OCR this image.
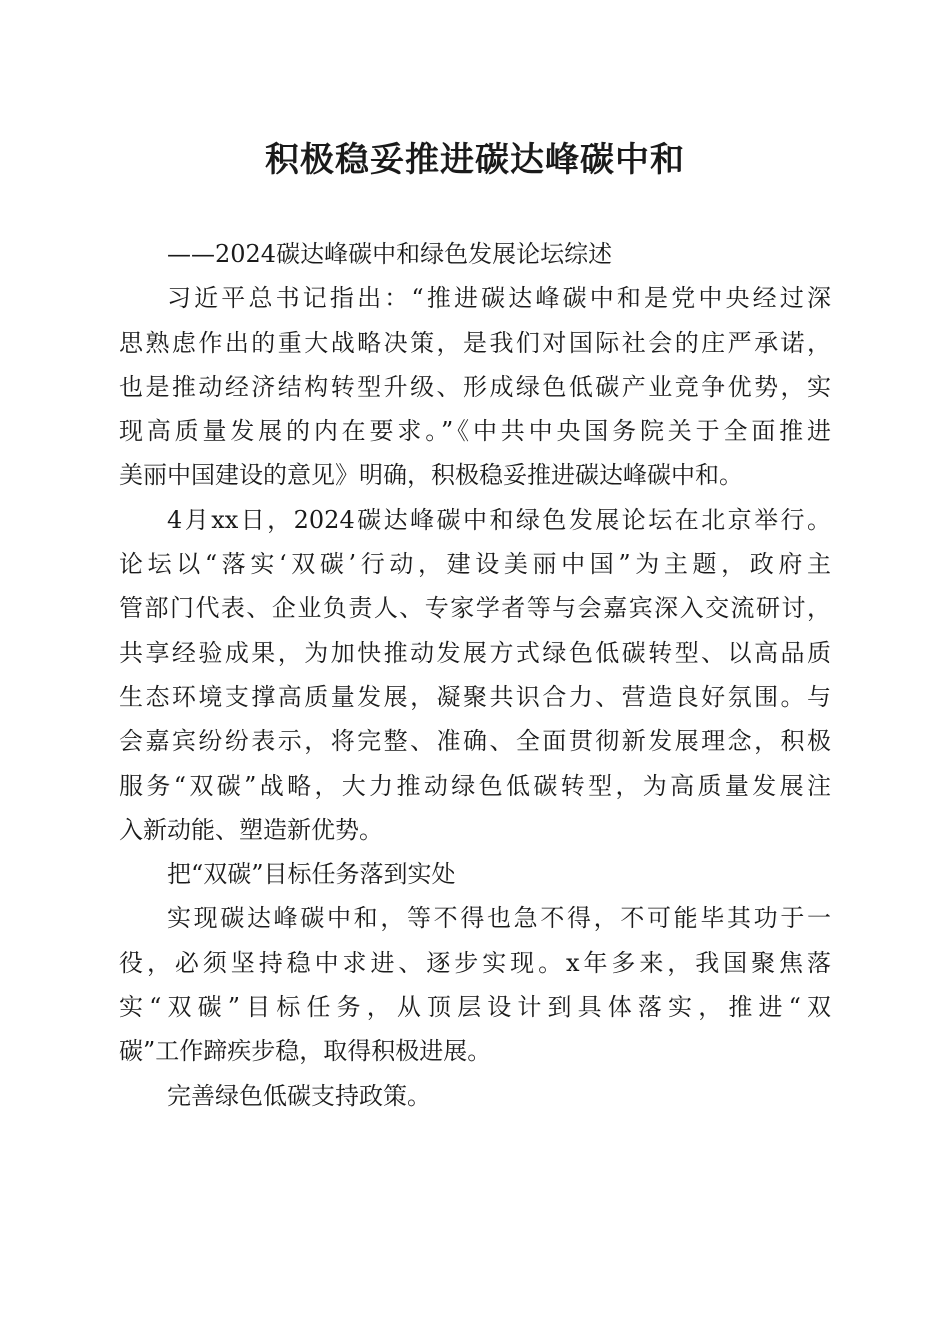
积极稳妥推进碳达峰碳中和
——2024碳达峰碳中和绿色发展论坛综述
习近平总书记指出：“推进碳达峰碳中和是党中央经过深
思熟虑作出的重大战略决策，是我们对国际社会的庄严承诺，
也是推动经济结构转型升级、形成绿色低碳产业竞争优势，实
现高质量发展的内在要求。”《中共中央国务院关于全面推进
美丽中国建设的意见》明确，积极稳妥推进碳达峰碳中和。
4月xx日，2024碳达峰碳中和绿色发展论坛在北京举行。
论坛以“落实‘双碳’行动，建设美丽中国”为主题，政府主
管部门代表、企业负责人、专家学者等与会嘉宾深入交流研讨，
共享经验成果，为加快推动发展方式绿色低碳转型、以高品质
生态环境支撑高质量发展，凝聚共识合力、营造良好氛围。与
会嘉宾纷纷表示，将完整、准确、全面贯彻新发展理念，积极
服务“双碳”战略，大力推动绿色低碳转型，为高质量发展注
入新动能、塑造新优势。
把“双碳”目标任务落到实处
实现碳达峰碳中和，等不得也急不得，不可能毕其功于一
役，必须坚持稳中求进、逐步实现。x年多来，我国聚焦落
实“双碳”目标任务，从顶层设计到具体落实，推进“双
碳”工作蹄疾步稳，取得积极进展。
完善绿色低碳支持政策。
